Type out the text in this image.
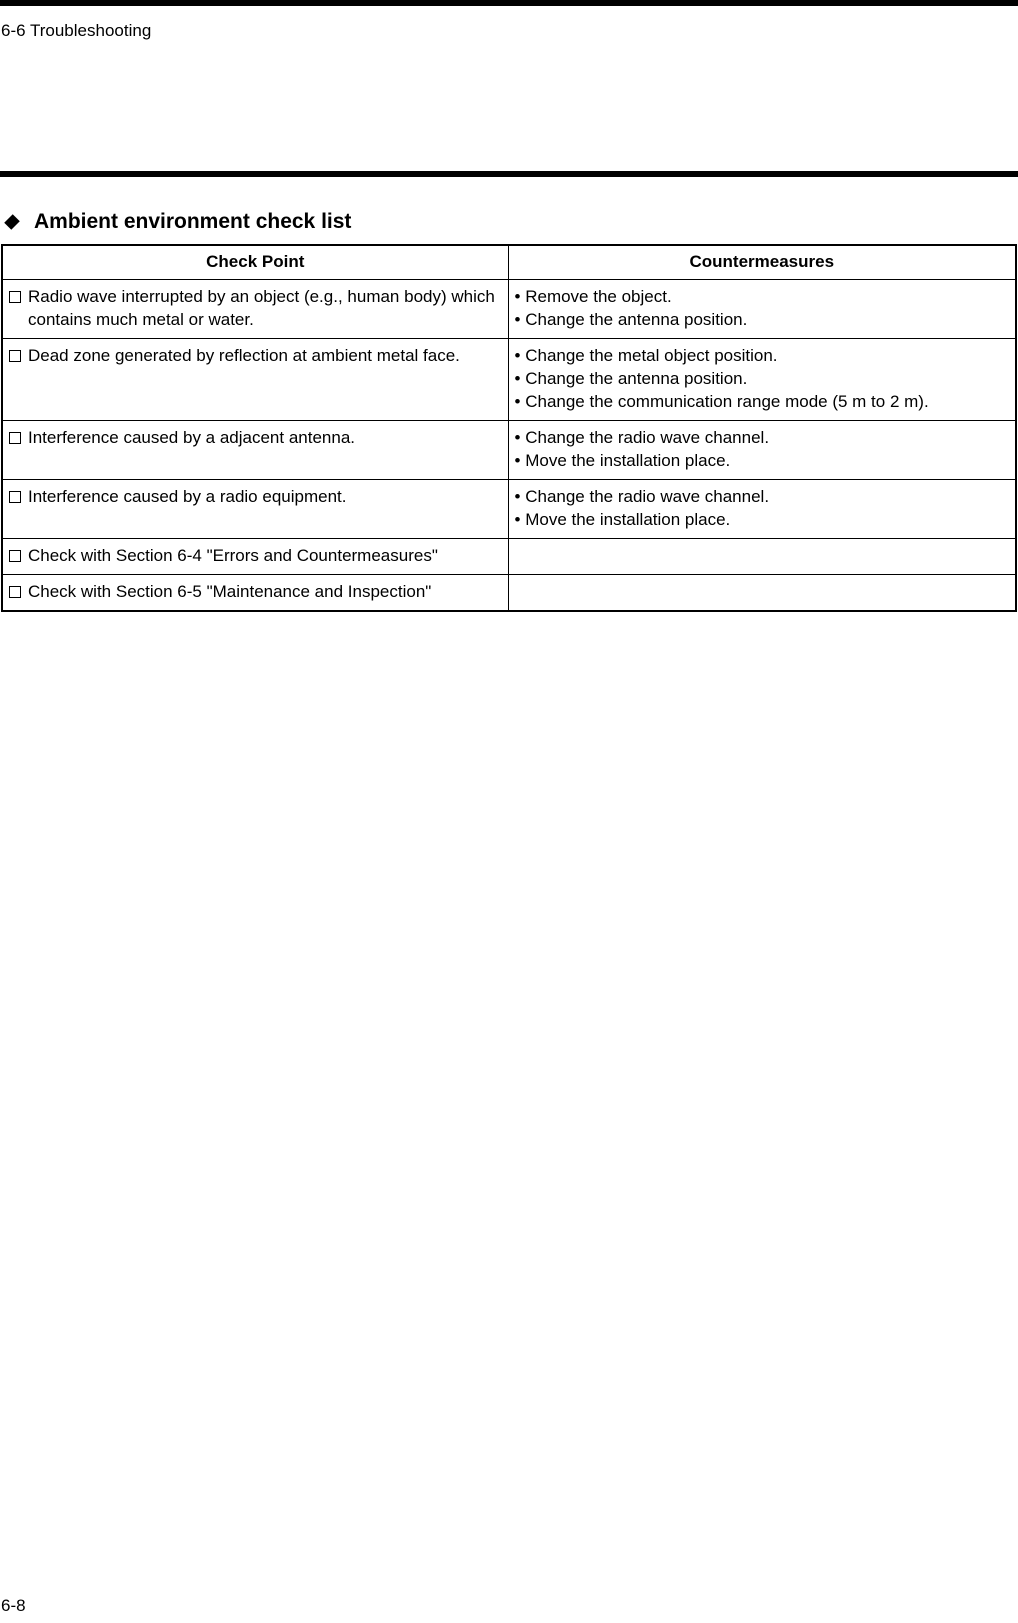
6-6 Troubleshooting
Ambient environment check list
Check Point	Countermeasures

Radio wave interrupted by an object (e.g., human body) which contains much metal or water.	• Remove the object.
• Change the antenna position.

Dead zone generated by reflection at ambient metal face.	• Change the metal object position.
• Change the antenna position.
• Change the communication range mode (5 m to 2 m).

Interference caused by a adjacent antenna.	• Change the radio wave channel.
• Move the installation place.

Interference caused by a radio equipment.	• Change the radio wave channel.
• Move the installation place.

Check with Section 6-4 "Errors and Countermeasures"	

Check with Section 6-5 "Maintenance and Inspection"	

6-8
